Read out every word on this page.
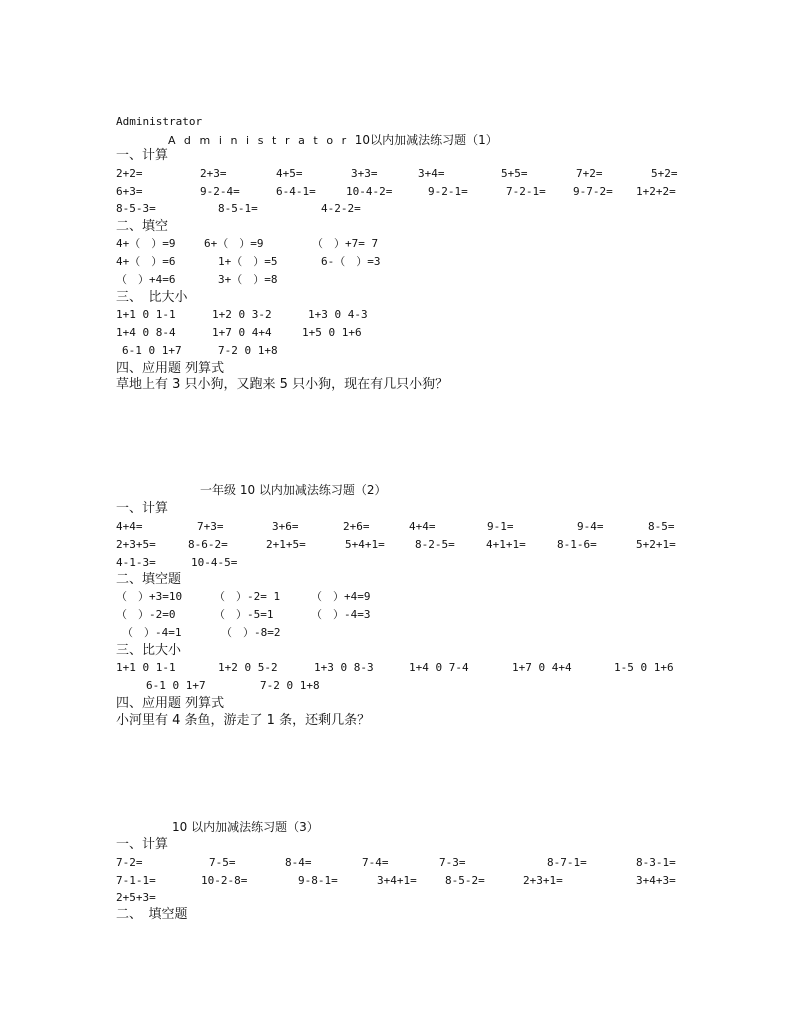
Administrator
Administrator10以内加减法练习题（1）
一、计算
2+2=	2+3=	4+5=	3+3=	3+4=	5+5=	7+2=	5+2=
6+3=	9-2-4=	6-4-1=	10-4-2=	9-2-1=	7-2-1= 9-7-2= 1+2+2=
8-5-3=	8-5-1=	4-2-2=
二、填空
4+（　）=9	6+（　）=9	（　）+7= 7
4+（　）=6	1+（　）=5	6-（　）=3
（　）+4=6	3+（　）=8
三、　比大小
1+1 0 1-1	1+2 0 3-2	1+3 0 4-3
1+4 0 8-4	1+7 0 4+4	1+5 0 1+6
6-1 0 1+7	7-2 0 1+8
四、应用题 列算式
草地上有 3 只小狗，又跑来 5 只小狗，现在有几只小狗？
一年级 10 以内加减法练习题（2）
一、计算
4+4=	7+3=	3+6=	2+6=	4+4=	9-1=	9-4=	8-5=
2+3+5=	8-6-2=	2+1+5=	5+4+1=	8-2-5=	4+1+1=	8-1-6=	5+2+1=
4-1-3=	10-4-5=
二、填空题
（　）+3=10	（　）-2= 1	（　）+4=9
（　）-2=0	（　）-5=1	（　）-4=3
（　）-4=1	（　）-8=2
三、比大小
1+1 0 1-1	1+2 0 5-2	1+3 0 8-3	1+4 0 7-4	1+7 0 4+4	1-5 0 1+6
6-1 0 1+7	7-2 0 1+8
四、应用题 列算式
小河里有 4 条鱼，游走了 1 条，还剩几条？
10 以内加减法练习题（3）
一、计算
7-2=	7-5=	8-4=	7-4=	7-3=	8-7-1=	8-3-1=
7-1-1=	10-2-8=	9-8-1=	3+4+1=	8-5-2=	2+3+1=	3+4+3=
2+5+3=
二、　填空题
